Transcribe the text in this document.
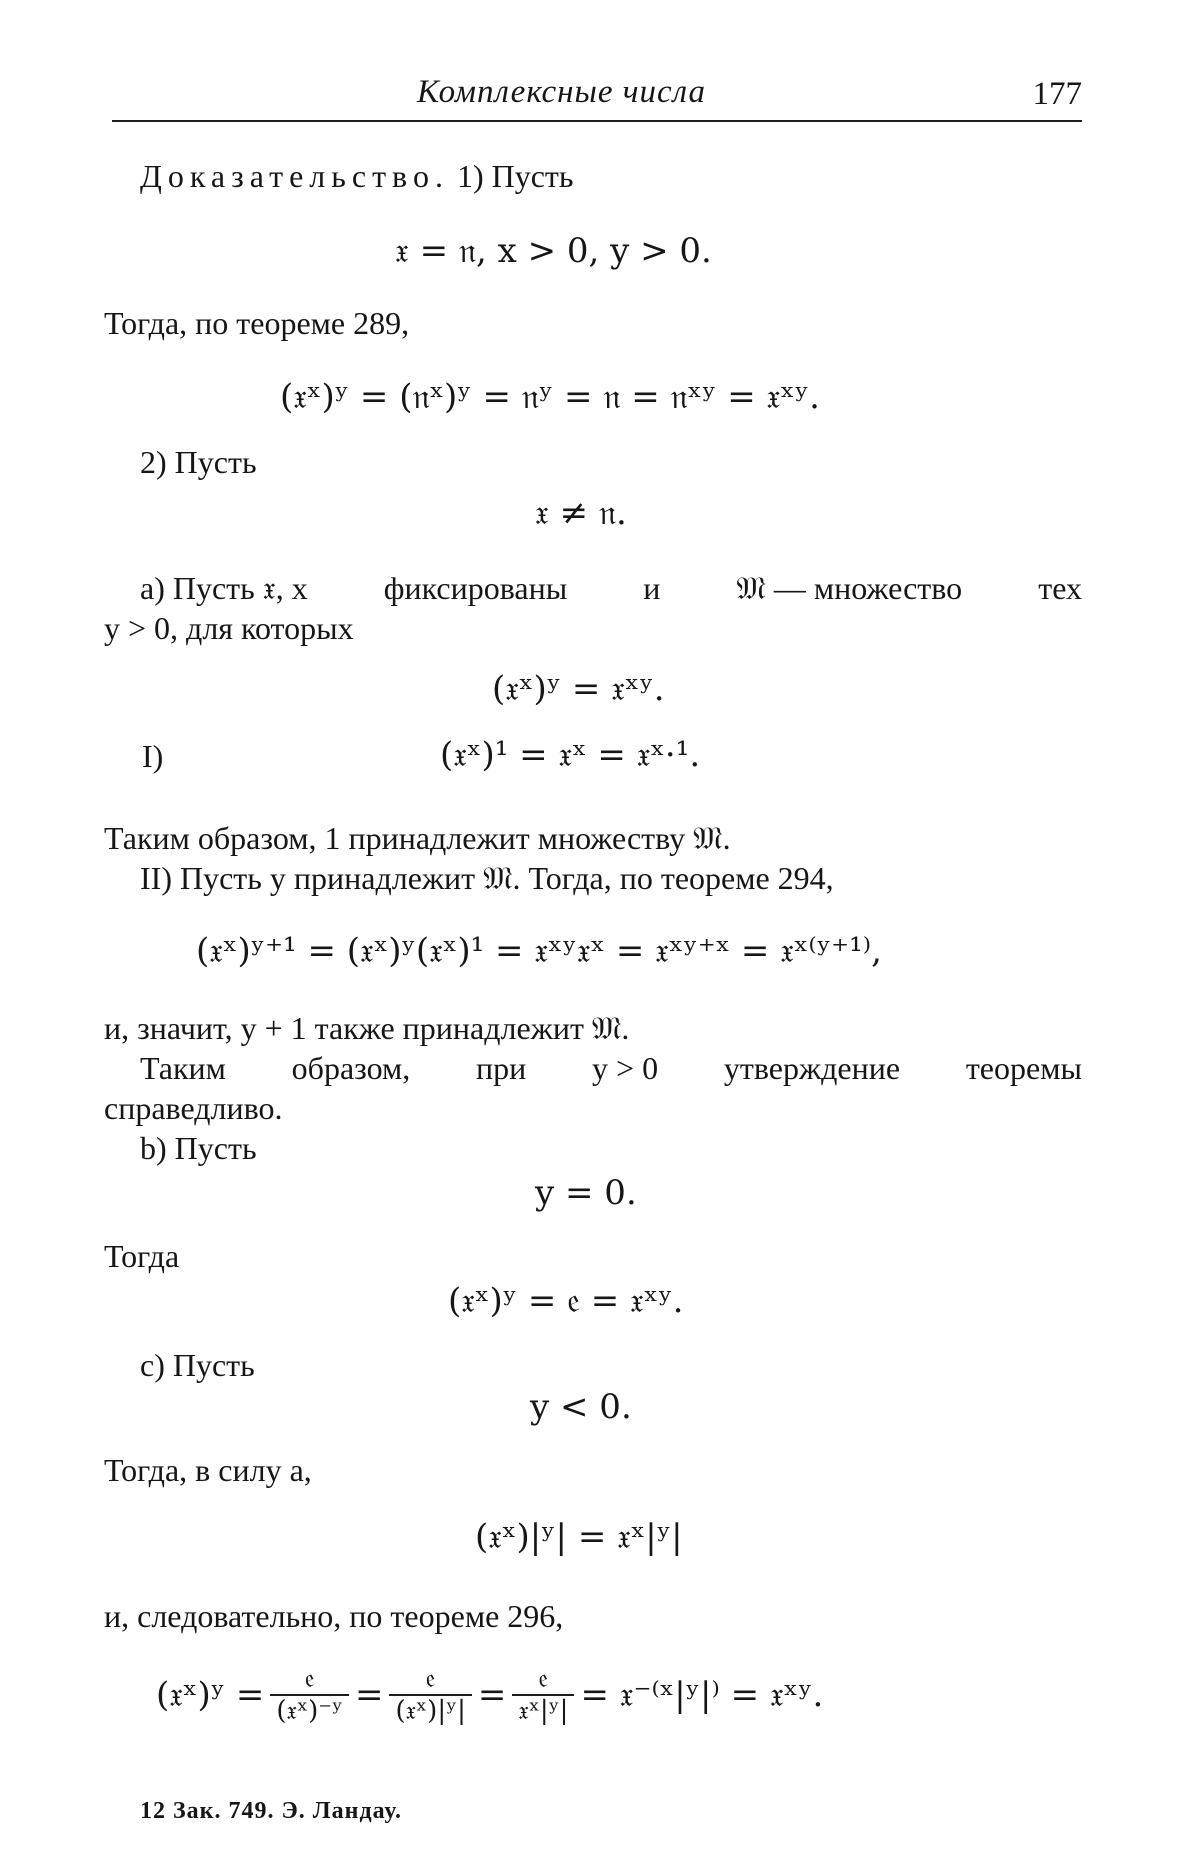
Комплексные числа	177
Доказательство. 1) Пусть
𝔵 = 𝔫, x > 0, y > 0.
Тогда, по теореме 289,
(𝔵ˣ)ʸ = (𝔫ˣ)ʸ = 𝔫ʸ = 𝔫 = 𝔫ˣʸ = 𝔵ˣʸ.
2) Пусть
𝔵 ≠ 𝔫.
a) Пусть 𝔵, x фиксированы и 𝔐 — множество тех
y > 0, для которых
(𝔵ˣ)ʸ = 𝔵ˣʸ.
I)	(𝔵ˣ)¹ = 𝔵ˣ = 𝔵ˣ·¹.
Таким образом, 1 принадлежит множеству 𝔐.
II) Пусть y принадлежит 𝔐. Тогда, по теореме 294,
(𝔵ˣ)ʸ⁺¹ = (𝔵ˣ)ʸ(𝔵ˣ)¹ = 𝔵ˣʸ𝔵ˣ = 𝔵ˣʸ⁺ˣ = 𝔵ˣ⁽ʸ⁺¹⁾,
и, значит, y + 1 также принадлежит 𝔐.
Таким образом, при y > 0 утверждение теоремы
справедливо.
b) Пусть
y = 0.
Тогда
(𝔵ˣ)ʸ = 𝔢 = 𝔵ˣʸ.
c) Пусть
y < 0.
Тогда, в силу a,
(𝔵ˣ)|ʸ| = 𝔵ˣ|ʸ|
и, следовательно, по теореме 296,
(𝔵ˣ)ʸ = $\frac{\text{𝔢}}{\text{(𝔵ˣ)⁻ʸ}} = \frac{\text{𝔢}}{\text{(𝔵ˣ)|ʸ|}} = \frac{\text{𝔢}}{\text{𝔵ˣ|ʸ|}}$ = 𝔵⁻⁽ˣ|ʸ|⁾ = 𝔵ˣʸ.
12 Зак. 749. Э. Ландау.
